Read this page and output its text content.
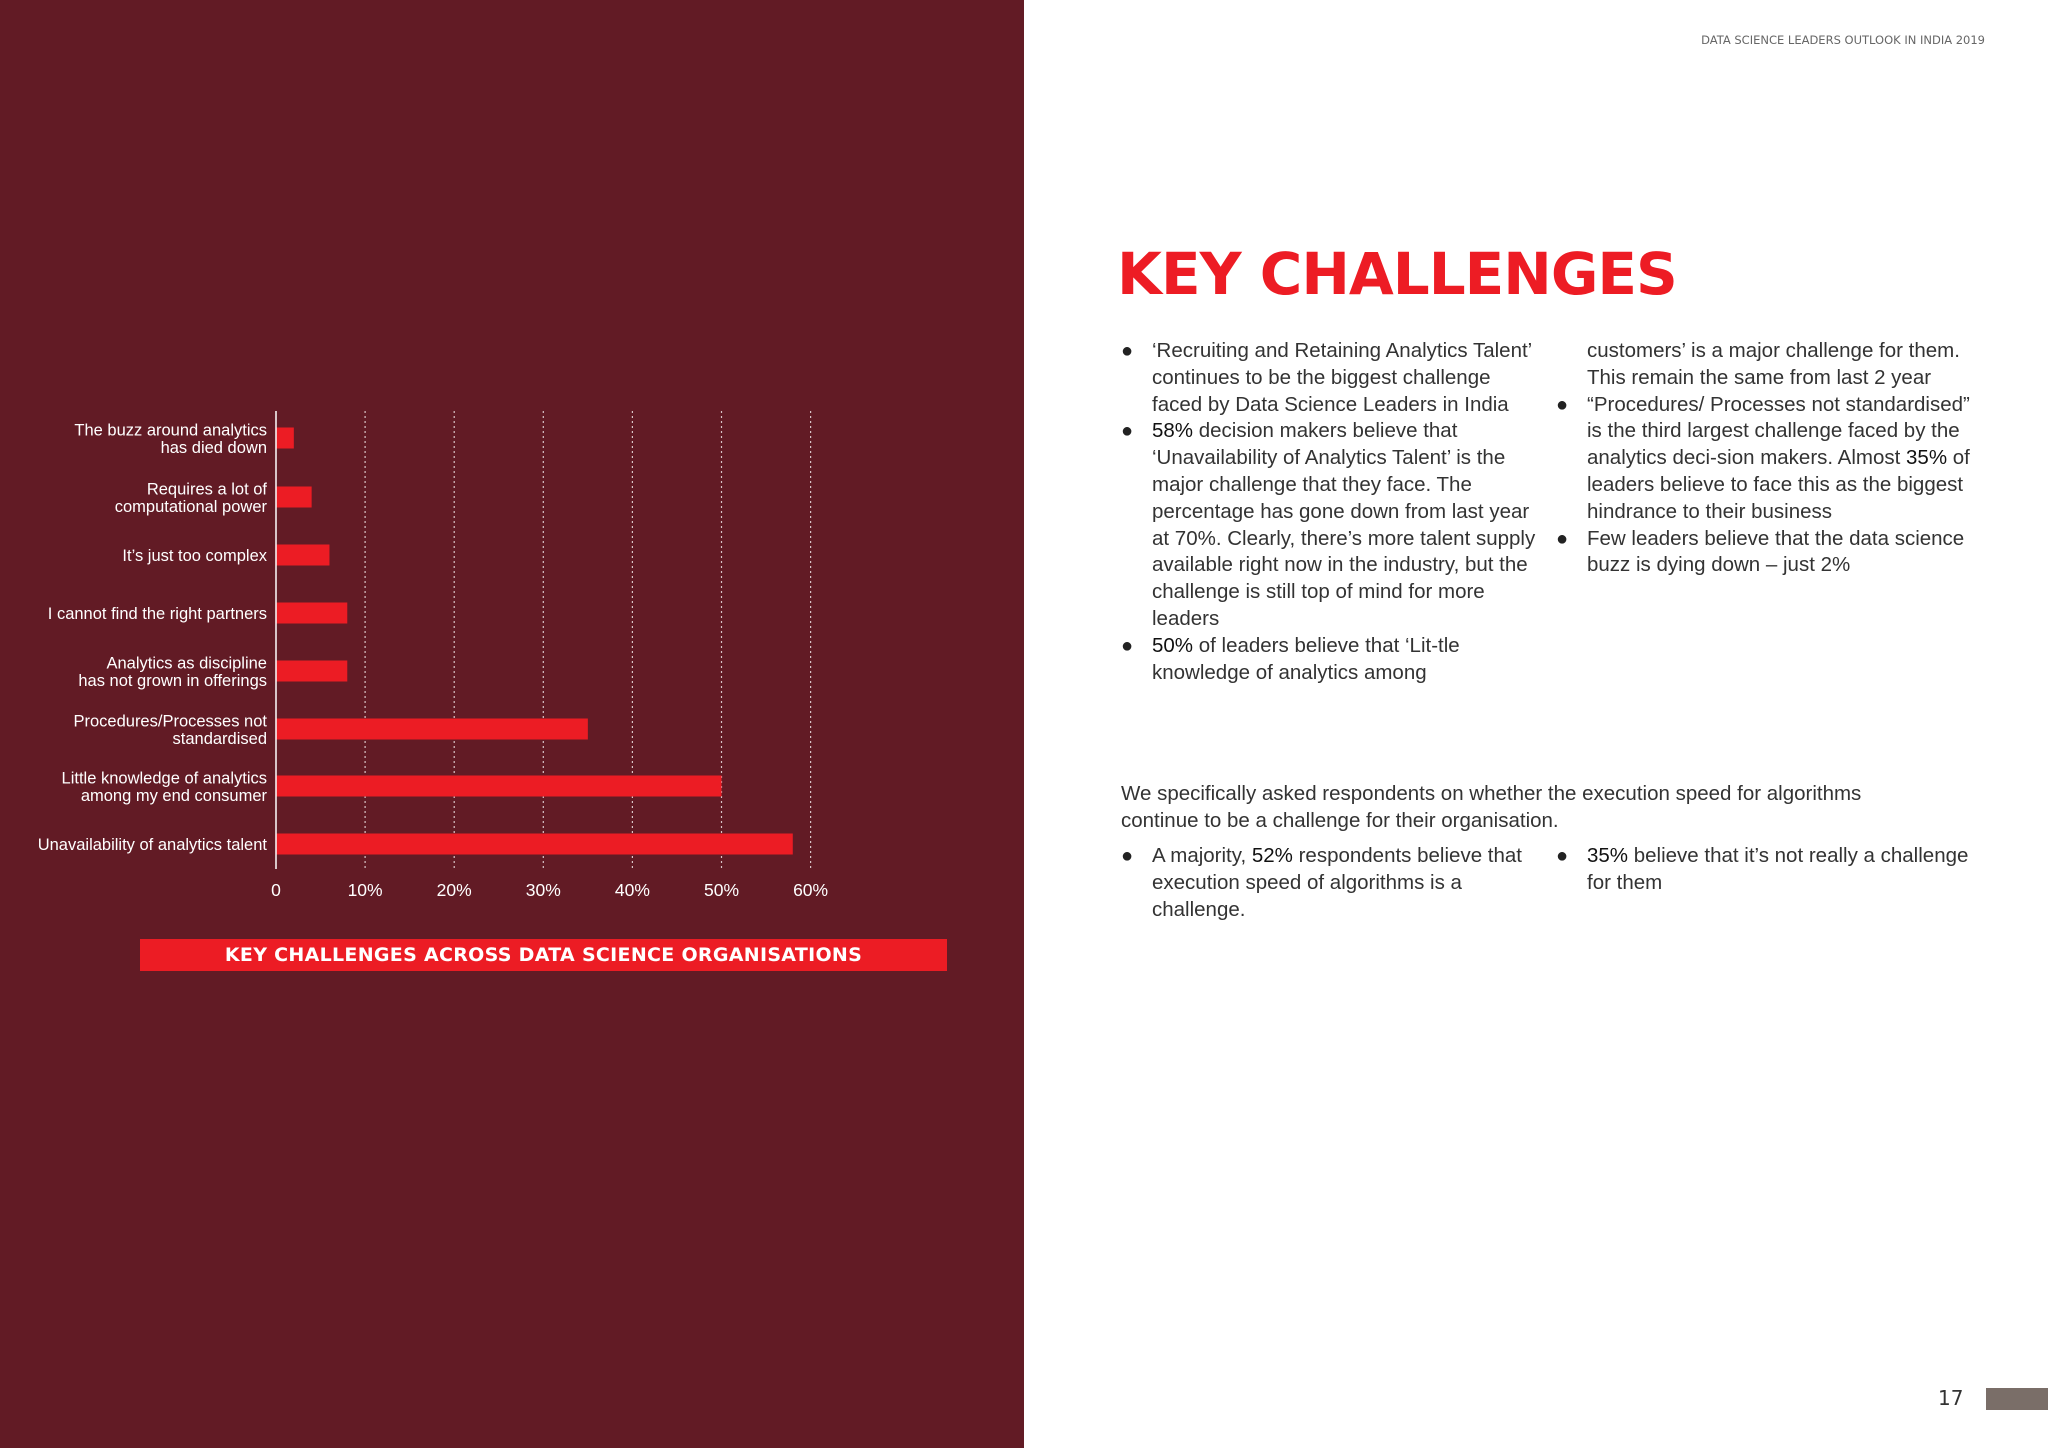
The buzz around analytics has died down
Requires a lot of computational power
It’s just too complex
I cannot find the right partners
Analytics as discipline has not grown in offerings
Procedures/Processes not standardised
Little knowledge of analytics among my end consumer
Unavailability of analytics talent
0	10%	20%	30%	40%	50%	60%
KEY CHALLENGES ACROSS DATA SCIENCE ORGANISATIONS
DATA SCIENCE LEADERS OUTLOOK IN INDIA 2019
KEY CHALLENGES
● ‘Recruiting and Retaining Analytics Talent’ continues to be the biggest challenge faced by Data Science Leaders in India
● 58% decision makers believe that ‘Unavailability of Analytics Talent’ is the major challenge that they face. The percentage has gone down from last year at 70%. Clearly, there’s more talent supply available right now in the industry, but the challenge is still top of mind for more leaders
● 50% of leaders believe that ‘Lit-tle knowledge of analytics among
customers’ is a major challenge for them. This remain the same from last 2 year
● “Procedures/ Processes not standardised” is the third largest challenge faced by the analytics deci-sion makers. Almost 35% of leaders believe to face this as the biggest hindrance to their business
● Few leaders believe that the data science buzz is dying down – just 2%

We specifically asked respondents on whether the execution speed for algorithms continue to be a challenge for their organisation.

● A majority, 52% respondents believe that execution speed of algorithms is a challenge.
● 35% believe that it’s not really a challenge for them
17
